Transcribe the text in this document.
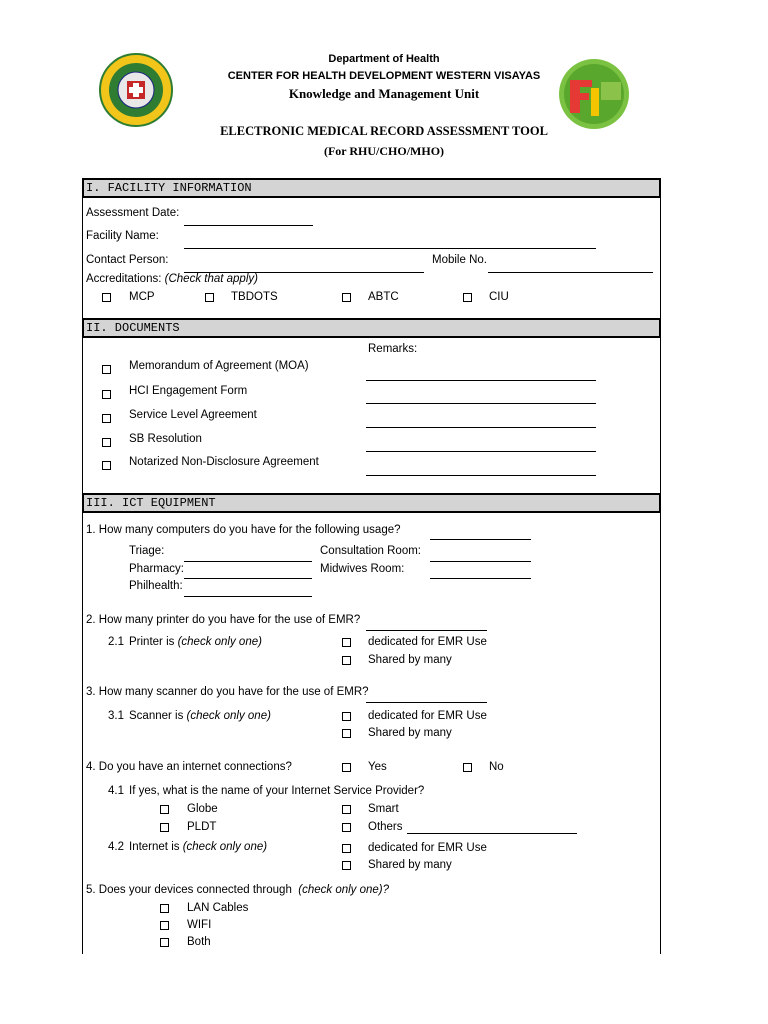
Department of Health
CENTER FOR HEALTH DEVELOPMENT WESTERN VISAYAS
Knowledge and Management Unit
ELECTRONIC MEDICAL RECORD ASSESSMENT TOOL
(For RHU/CHO/MHO)
I. FACILITY INFORMATION
Assessment Date:
Facility Name:
Contact Person:	Mobile No.
Accreditations: (Check that apply)
MCP	TBDOTS	ABTC	CIU
II. DOCUMENTS
Remarks:
Memorandum of Agreement (MOA)
HCI Engagement Form
Service Level Agreement
SB Resolution
Notarized Non-Disclosure Agreement
III. ICT EQUIPMENT
1. How many computers do you have for the following usage?
Triage:	Consultation Room:
Pharmacy:	Midwives Room:
Philhealth:
2. How many printer do you have for the use of EMR?
2.1 Printer is (check only one)	dedicated for EMR Use
Shared by many
3. How many scanner do you have for the use of EMR?
3.1 Scanner is (check only one)	dedicated for EMR Use
Shared by many
4. Do you have an internet connections?	Yes	No
4.1 If yes, what is the name of your Internet Service Provider?
Globe	Smart
PLDT	Others
4.2 Internet is (check only one)	dedicated for EMR Use
Shared by many
5. Does your devices connected through (check only one)?
LAN Cables
WIFI
Both
